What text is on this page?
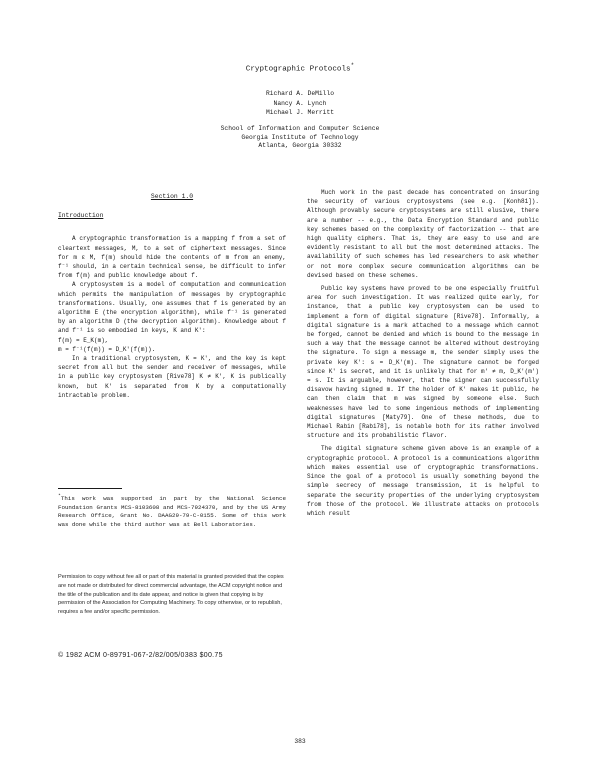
Cryptographic Protocols*
Richard A. DeMillo
Nancy A. Lynch
Michael J. Merritt
School of Information and Computer Science
Georgia Institute of Technology
Atlanta, Georgia 30332
Section 1.0
Introduction

A cryptographic transformation is a mapping f from a set of cleartext messages, M, to a set of ciphertext messages. Since for m ε M, f(m) should hide the contents of m from an enemy, f⁻¹ should, in a certain technical sense, be difficult to infer from f(m) and public knowledge about f.

A cryptosystem is a model of computation and communication which permits the manipulation of messages by cryptographic transformations. Usually, one assumes that f is generated by an algorithm E (the encryption algorithm), while f⁻¹ is generated by an algorithm D (the decryption algorithm). Knowledge about f and f⁻¹ is so embodied in keys, K and K':

f(m) = E_K(m),

m = f⁻¹(f(m)) = D_K'(f(m)).

In a traditional cryptosystem, K = K', and the key is kept secret from all but the sender and receiver of messages, while in a public key cryptosystem [Rive78] K ≠ K', K is publically known, but K' is separated from K by a computationally intractable problem.

*This work was supported in part by the National Science Foundation Grants MCS-8103608 and MCS-7924370, and by the US Army Research Office, Grant No. DAAG29-79-C-0155. Some of this work was done while the third author was at Bell Laboratories.

Permission to copy without fee all or part of this material is granted provided that the copies are not made or distributed for direct commercial advantage, the ACM copyright notice and the title of the publication and its date appear, and notice is given that copying is by permission of the Association for Computing Machinery. To copy otherwise, or to republish, requires a fee and/or specific permission.
© 1982 ACM 0-89791-067-2/82/005/0383 $00.75

Much work in the past decade has concentrated on insuring the security of various cryptosystems (see e.g. [Konh81]). Although provably secure cryptosystems are still elusive, there are a number -- e.g., the Data Encryption Standard and public key schemes based on the complexity of factorization -- that are high quality ciphers. That is, they are easy to use and are evidently resistant to all but the most determined attacks. The availability of such schemes has led researchers to ask whether or not more complex secure communication algorithms can be devised based on these schemes.

Public key systems have proved to be one especially fruitful area for such investigation. It was realized quite early, for instance, that a public key cryptosystem can be used to implement a form of digital signature [Rive78]. Informally, a digital signature is a mark attached to a message which cannot be forged, cannot be denied and which is bound to the message in such a way that the message cannot be altered without destroying the signature. To sign a message m, the sender simply uses the private key K': s = D_K'(m). The signature cannot be forged since K' is secret, and it is unlikely that for m' ≠ m, D_K'(m') = s. It is arguable, however, that the signer can successfully disavow having signed m. If the holder of K' makes it public, he can then claim that m was signed by someone else. Such weaknesses have led to some ingenious methods of implementing digital signatures [Maty79]. One of these methods, due to Michael Rabin [Rabi78], is notable both for its rather involved structure and its probabilistic flavor.

The digital signature scheme given above is an example of a cryptographic protocol. A protocol is a communications algorithm which makes essential use of cryptographic transformations. Since the goal of a protocol is usually something beyond the simple secrecy of message transmission, it is helpful to separate the security properties of the underlying cryptosystem from those of the protocol. We illustrate attacks on protocols which result

383
